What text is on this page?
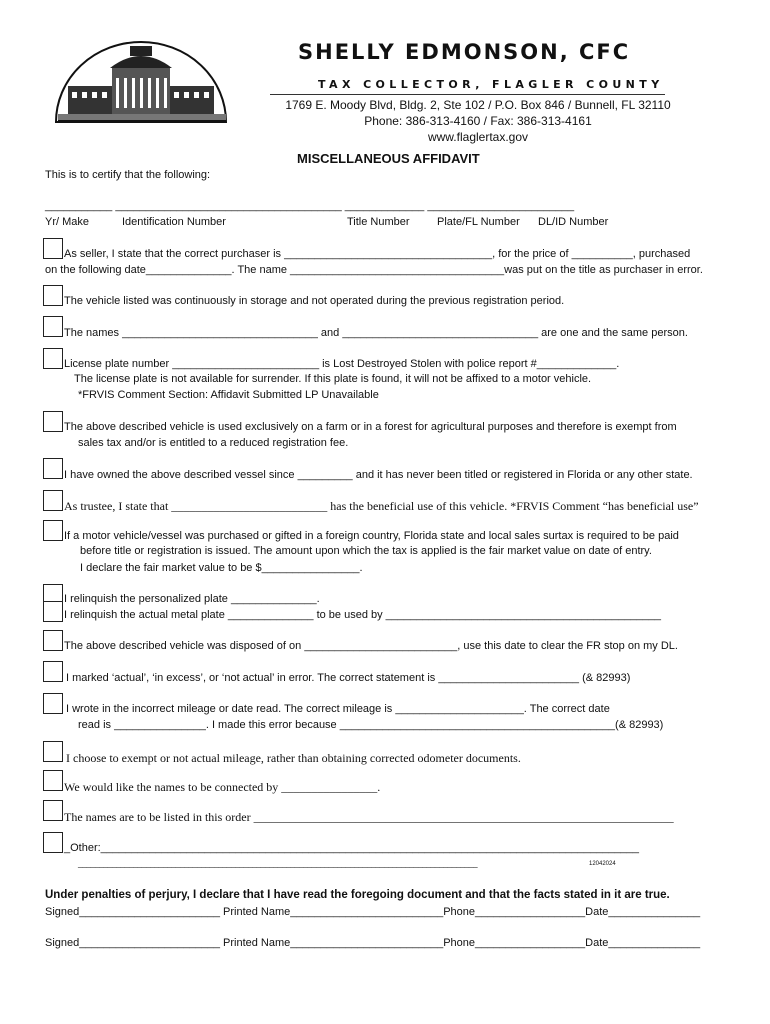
SHELLY EDMONSON, CFC
TAX COLLECTOR, FLAGLER COUNTY
1769 E. Moody Blvd, Bldg. 2, Ste 102 / P.O. Box 846 / Bunnell, FL 32110
Phone: 386-313-4160 / Fax: 386-313-4161
www.flaglertax.gov
MISCELLANEOUS AFFIDAVIT
This is to certify that the following:
___________ _____________________________________ _____________ ________________________
Yr/ Make	Identification Number	Title Number Plate/FL Number DL/ID Number
As seller, I state that the correct purchaser is __________________________________, for the price of __________, purchased
on the following date______________. The name ___________________________________was put on the title as purchaser in error.
The vehicle listed was continuously in storage and not operated during the previous registration period.
The names ________________________________ and ________________________________ are one and the same person.
License plate number ________________________ is Lost Destroyed Stolen with police report #_____________.
The license plate is not available for surrender. If this plate is found, it will not be affixed to a motor vehicle.
*FRVIS Comment Section: Affidavit Submitted LP Unavailable
The above described vehicle is used exclusively on a farm or in a forest for agricultural purposes and therefore is exempt from
sales tax and/or is entitled to a reduced registration fee.
I have owned the above described vessel since _________ and it has never been titled or registered in Florida or any other state.
As trustee, I state that __________________________ has the beneficial use of this vehicle. *FRVIS Comment “has beneficial use”
If a motor vehicle/vessel was purchased or gifted in a foreign country, Florida state and local sales surtax is required to be paid
before title or registration is issued. The amount upon which the tax is applied is the fair market value on date of entry.
I declare the fair market value to be $________________.
I relinquish the personalized plate ______________.
I relinquish the actual metal plate ______________ to be used by _____________________________________________
The above described vehicle was disposed of on _________________________, use this date to clear the FR stop on my DL.
I marked ‘actual’, ‘in excess’, or ‘not actual’ in error. The correct statement is _______________________ (& 82993)
I wrote in the incorrect mileage or date read. The correct mileage is _____________________. The correct date
read is _______________. I made this error because _____________________________________________(& 82993)
I choose to exempt or not actual mileage, rather than obtaining corrected odometer documents.
We would like the names to be connected by ________________.
The names are to be listed in this order ______________________________________________________________________
_Other:________________________________________________________________________________________
______________________________________________________________________________________________	12042024
Under penalties of perjury, I declare that I have read the foregoing document and that the facts stated in it are true.
Signed_______________________ Printed Name_________________________Phone__________________Date_______________
Signed_______________________ Printed Name_________________________Phone__________________Date_______________
